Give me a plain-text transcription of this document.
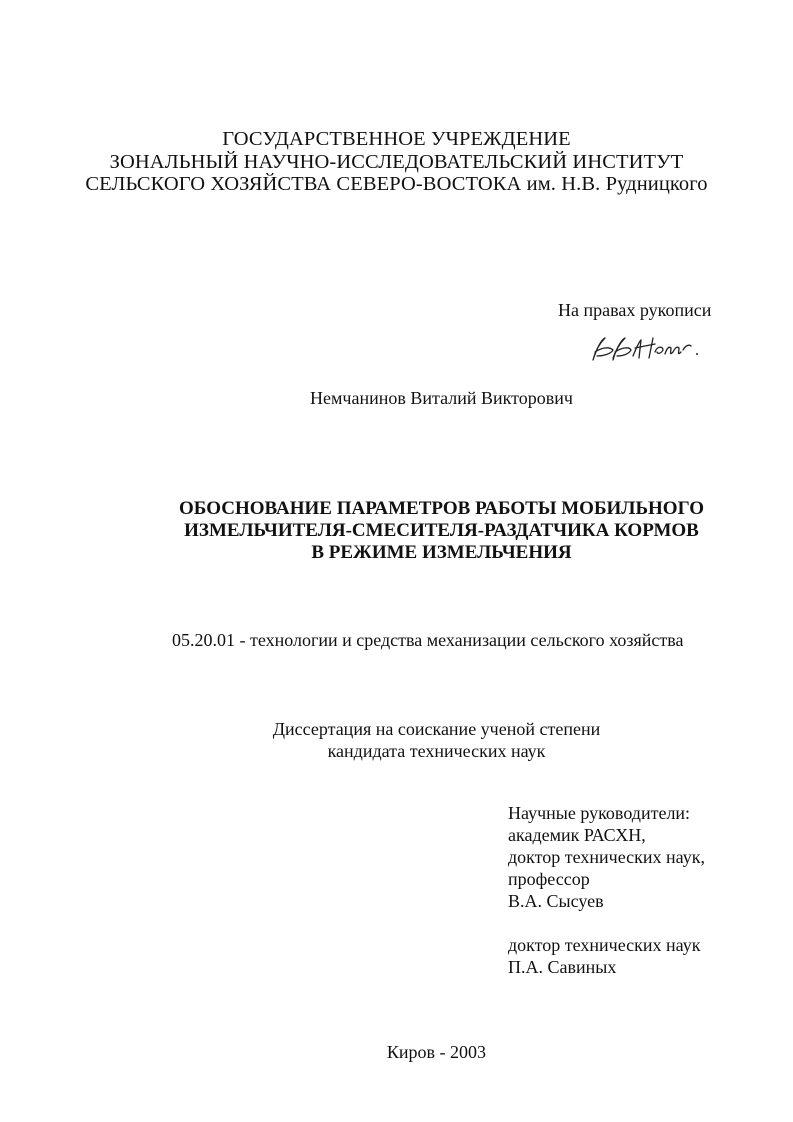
ГОСУДАРСТВЕННОЕ УЧРЕЖДЕНИЕ
ЗОНАЛЬНЫЙ НАУЧНО-ИССЛЕДОВАТЕЛЬСКИЙ ИНСТИТУТ
СЕЛЬСКОГО ХОЗЯЙСТВА СЕВЕРО-ВОСТОКА им. Н.В. Рудницкого
На правах рукописи
Немчанинов Виталий Викторович
ОБОСНОВАНИЕ ПАРАМЕТРОВ РАБОТЫ МОБИЛЬНОГО
ИЗМЕЛЬЧИТЕЛЯ-СМЕСИТЕЛЯ-РАЗДАТЧИКА КОРМОВ
В РЕЖИМЕ ИЗМЕЛЬЧЕНИЯ
05.20.01 - технологии и средства механизации сельского хозяйства
Диссертация на соискание ученой степени
кандидата технических наук
Научные руководители:
академик РАСХН,
доктор технических наук,
профессор
В.А. Сысуев
доктор технических наук
П.А. Савиных
Киров - 2003
